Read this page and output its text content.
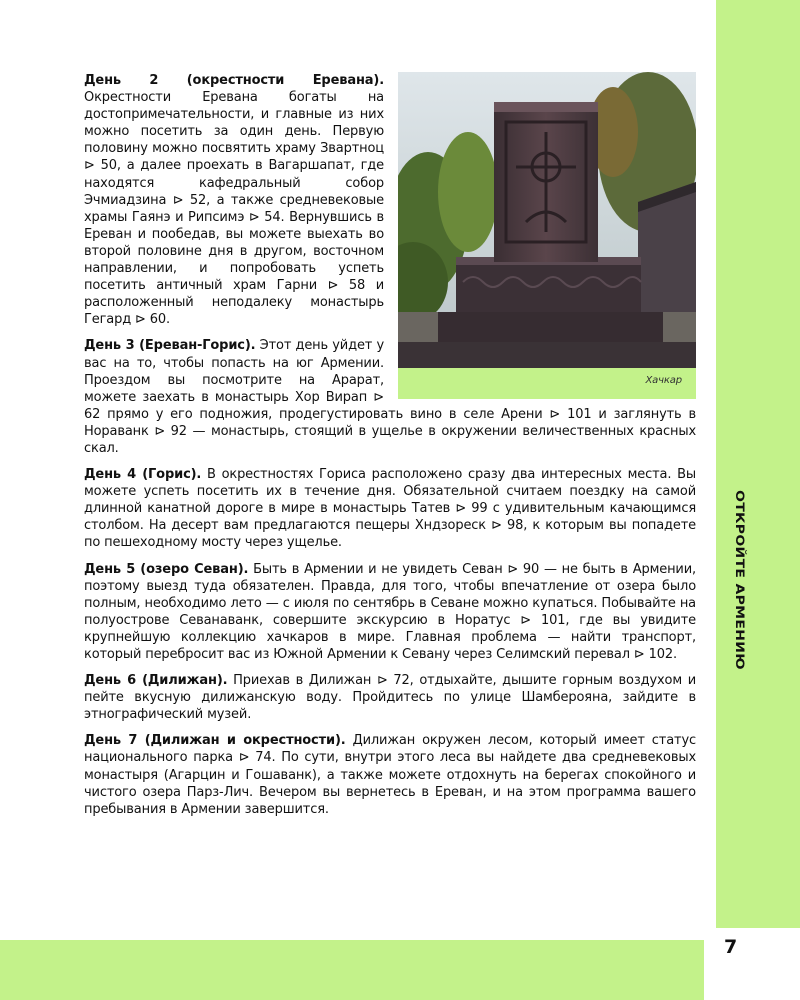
7
ОТКРОЙТЕ АРМЕНИЮ
Хачкар

День 2 (окрестности Еревана). Окрестности Еревана богаты на достопримечательности, и главные из них можно посетить за один день. Первую половину можно посвятить храму Звартноц ⊳ 50, а далее проехать в Вагаршапат, где находятся кафедральный собор Эчмиадзина ⊳ 52, а также средневековые храмы Гаянэ и Рипсимэ ⊳ 54. Вернувшись в Ереван и пообедав, вы можете выехать во второй половине дня в другом, восточном направлении, и попробовать успеть посетить античный храм Гарни ⊳ 58 и расположенный неподалеку монастырь Гегард ⊳ 60.

День 3 (Ереван-Горис). Этот день уйдет у вас на то, чтобы попасть на юг Армении. Проездом вы посмотрите на Арарат, можете заехать в монастырь Хор Вирап ⊳ 62 прямо у его подножия, продегустировать вино в селе Арени ⊳ 101 и заглянуть в Нораванк ⊳ 92 — монастырь, стоящий в ущелье в окружении величественных красных скал.

День 4 (Горис). В окрестностях Гориса расположено сразу два интересных места. Вы можете успеть посетить их в течение дня. Обязательной считаем поездку на самой длинной канатной дороге в мире в монастырь Татев ⊳ 99 с удивительным качающимся столбом. На десерт вам предлагаются пещеры Хндзореск ⊳ 98, к которым вы попадете по пешеходному мосту через ущелье.

День 5 (озеро Севан). Быть в Армении и не увидеть Севан ⊳ 90 — не быть в Армении, поэтому выезд туда обязателен. Правда, для того, чтобы впечатление от озера было полным, необходимо лето — с июля по сентябрь в Севане можно купаться. Побывайте на полуострове Севанаванк, совершите экскурсию в Норатус ⊳ 101, где вы увидите крупнейшую коллекцию хачкаров в мире. Главная проблема — найти транспорт, который перебросит вас из Южной Армении к Севану через Селимский перевал ⊳ 102.

День 6 (Дилижан). Приехав в Дилижан ⊳ 72, отдыхайте, дышите горным воздухом и пейте вкусную дилижанскую воду. Пройдитесь по улице Шамбероянa, зайдите в этнографический музей.

День 7 (Дилижан и окрестности). Дилижан окружен лесом, который имеет статус национального парка ⊳ 74. По сути, внутри этого леса вы найдете два средневековых монастыря (Агарцин и Гошаванк), а также можете отдохнуть на берегах спокойного и чистого озера Парз-Лич. Вечером вы вернетесь в Ереван, и на этом программа вашего пребывания в Армении завершится.
